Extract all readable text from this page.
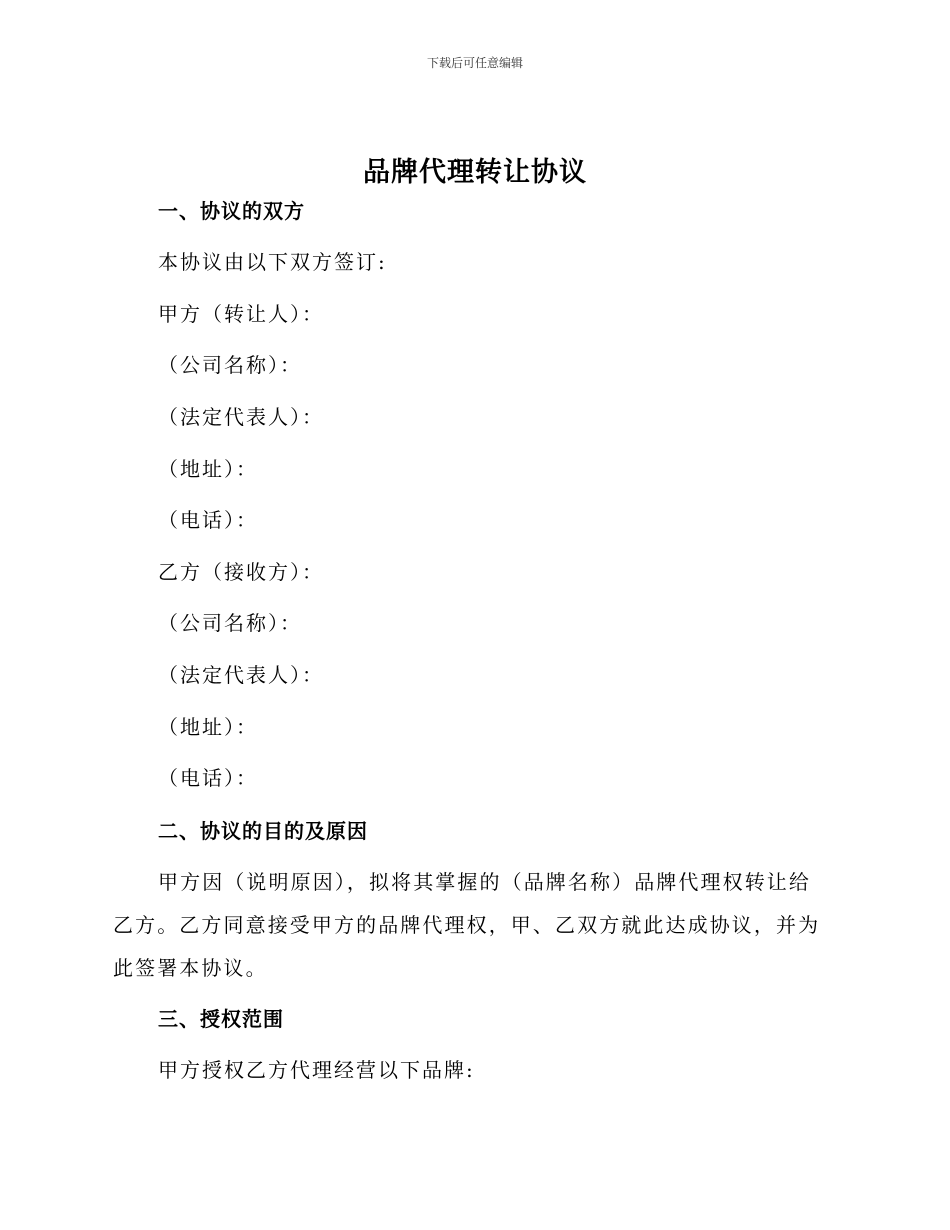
下载后可任意编辑
品牌代理转让协议
一、协议的双方
本协议由以下双方签订:
甲方（转让人）：
（公司名称）：
（法定代表人）：
（地址）：
（电话）：
乙方（接收方）：
（公司名称）：
（法定代表人）：
（地址）：
（电话）：
二、协议的目的及原因

甲方因（说明原因），拟将其掌握的（品牌名称）品牌代理权转让给乙方。乙方同意接受甲方的品牌代理权，甲、乙双方就此达成协议，并为此签署本协议。

三、授权范围
甲方授权乙方代理经营以下品牌:
